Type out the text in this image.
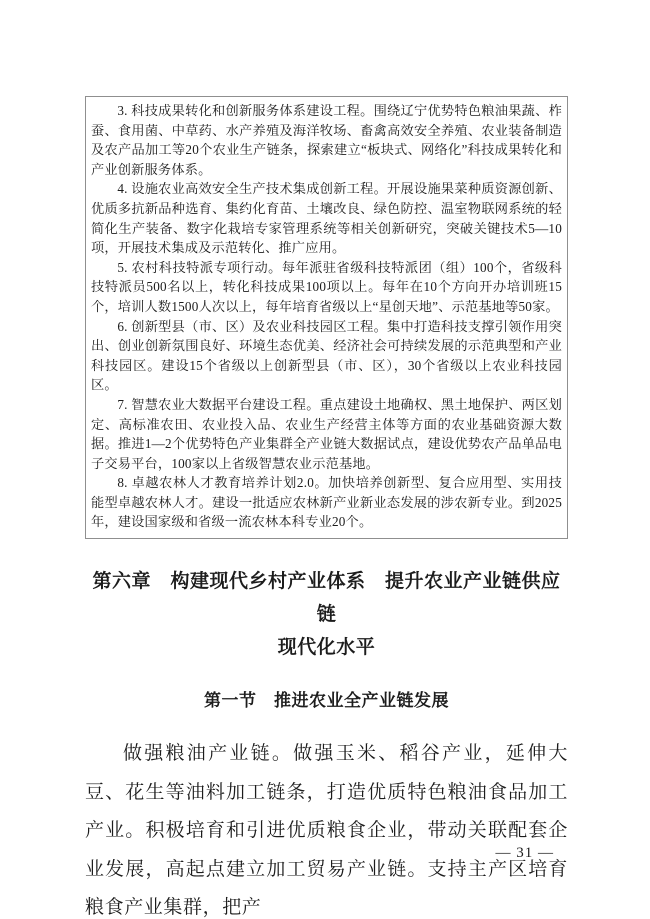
3. 科技成果转化和创新服务体系建设工程。围绕辽宁优势特色粮油果蔬、柞蚕、食用菌、中草药、水产养殖及海洋牧场、畜禽高效安全养殖、农业装备制造及农产品加工等20个农业生产链条，探索建立“板块式、网络化”科技成果转化和产业创新服务体系。

4. 设施农业高效安全生产技术集成创新工程。开展设施果菜种质资源创新、优质多抗新品种选育、集约化育苗、土壤改良、绿色防控、温室物联网系统的轻简化生产装备、数字化栽培专家管理系统等相关创新研究，突破关键技术5—10项，开展技术集成及示范转化、推广应用。

5. 农村科技特派专项行动。每年派驻省级科技特派团（组）100个，省级科技特派员500名以上，转化科技成果100项以上。每年在10个方向开办培训班15个，培训人数1500人次以上，每年培育省级以上“星创天地”、示范基地等50家。

6. 创新型县（市、区）及农业科技园区工程。集中打造科技支撑引领作用突出、创业创新氛围良好、环境生态优美、经济社会可持续发展的示范典型和产业科技园区。建设15个省级以上创新型县（市、区），30个省级以上农业科技园区。

7. 智慧农业大数据平台建设工程。重点建设土地确权、黑土地保护、两区划定、高标准农田、农业投入品、农业生产经营主体等方面的农业基础资源大数据。推进1—2个优势特色产业集群全产业链大数据试点，建设优势农产品单品电子交易平台，100家以上省级智慧农业示范基地。

8. 卓越农林人才教育培养计划2.0。加快培养创新型、复合应用型、实用技能型卓越农林人才。建设一批适应农林新产业新业态发展的涉农新专业。到2025年，建设国家级和省级一流农林本科专业20个。

第六章　构建现代乡村产业体系　提升农业产业链供应链
现代化水平
第一节　推进农业全产业链发展

做强粮油产业链。做强玉米、稻谷产业，延伸大豆、花生等油料加工链条，打造优质特色粮油食品加工产业。积极培育和引进优质粮食企业，带动关联配套企业发展，高起点建立加工贸易产业链。支持主产区培育粮食产业集群，把产

— 31 —
